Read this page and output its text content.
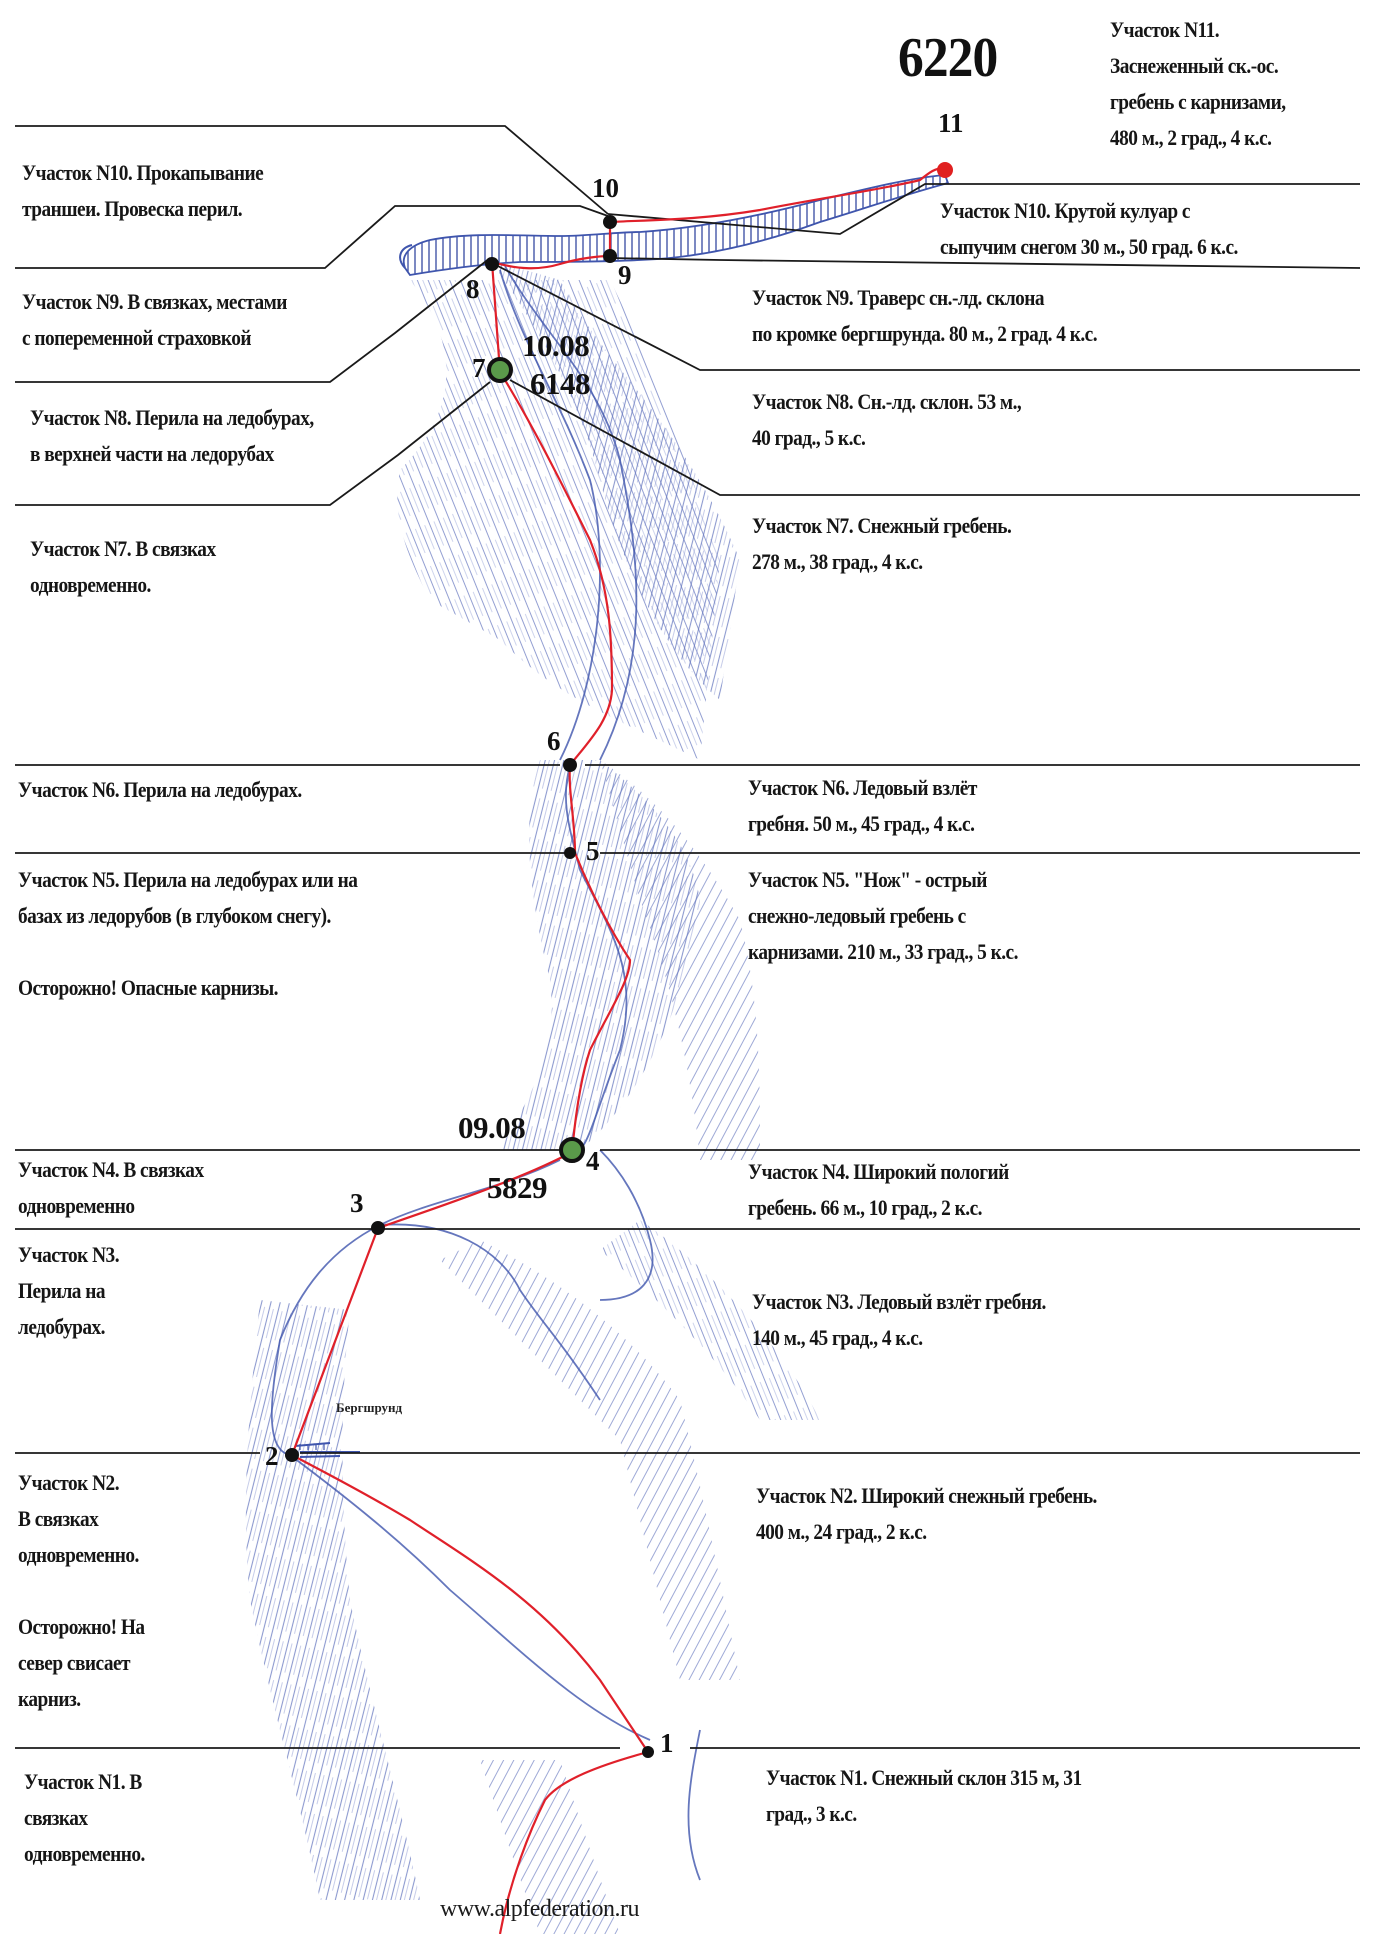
6220
11
10
9
8
7
6
5
4
3
2
1
10.08
6148
09.08
5829
Бергшрунд
Участок N11.
Заснеженный ск.-ос.
гребень с карнизами,
480 м., 2 град., 4 к.с.
Участок N10. Крутой кулуар с
сыпучим снегом 30 м., 50 град. 6 к.с.
Участок N9. Траверс сн.-лд. склона
по кромке бергшрунда. 80 м., 2 град. 4 к.с.
Участок N8. Сн.-лд. склон. 53 м.,
40 град., 5 к.с.
Участок N7. Снежный гребень.
278 м., 38 град., 4 к.с.
Участок N6. Ледовый взлёт
гребня. 50 м., 45 град., 4 к.с.
Участок N5. "Нож" - острый
снежно-ледовый гребень с
карнизами. 210 м., 33 град., 5 к.с.
Участок N4. Широкий пологий
гребень. 66 м., 10 град., 2 к.с.
Участок N3. Ледовый взлёт гребня.
140 м., 45 град., 4 к.с.
Участок N2. Широкий снежный гребень.
400 м., 24 град., 2 к.с.
Участок N1. Снежный склон 315 м, 31
град., 3 к.с.
Участок N10. Прокапывание
траншеи. Провеска перил.
Участок N9. В связках, местами
с попеременной страховкой
Участок N8. Перила на ледобурах,
в верхней части на ледорубах
Участок N7. В связках
одновременно.
Участок N6. Перила на ледобурах.
Участок N5. Перила на ледобурах или на
базах из ледорубов (в глубоком снегу).
Осторожно! Опасные карнизы.
Участок N4. В связках
одновременно
Участок N3.
Перила на
ледобурах.
Участок N2.
В связках
одновременно.
Осторожно! На
север свисает
карниз.
Участок N1. В
связках
одновременно.
www.alpfederation.ru
